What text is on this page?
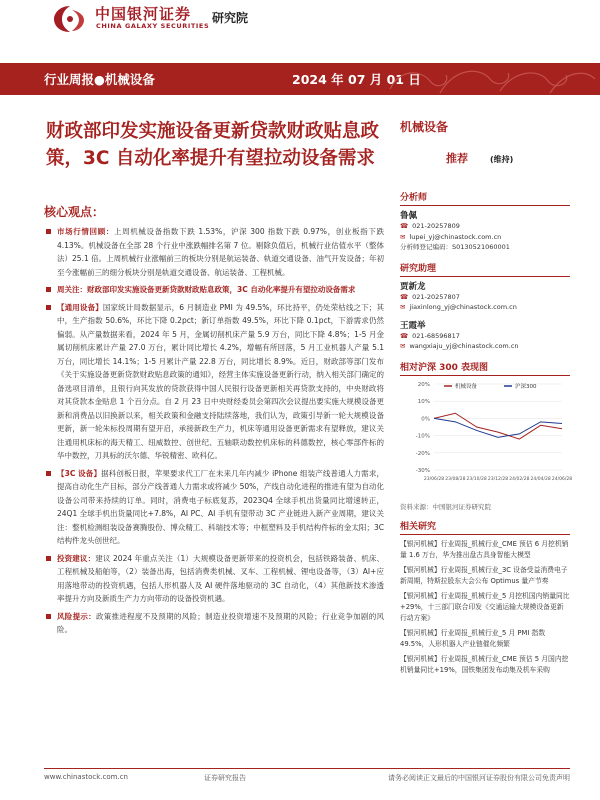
中国银河证券
CHINA GALAXY SECURITIES
研究院
行业周报●机械设备	2024 年 07 月 01 日
财政部印发实施设备更新贷款财政贴息政策，3C 自动化率提升有望拉动设备需求
核心观点：
市场行情回顾：上周机械设备指数下跌 1.53%，沪深 300 指数下跌 0.97%，创业板指下跌 4.13%。机械设备在全部 28 个行业中涨跌幅排名第 7 位。剔除负值后，机械行业估值水平（整体法）25.1 倍。上周机械行业涨幅前三的板块分别是航运装备、轨道交通设备、油气开发设备；年初至今涨幅前三的细分板块分别是轨道交通设备、航运装备、工程机械。
周关注：财政部印发实施设备更新贷款财政贴息政策，3C 自动化率提升有望拉动设备需求
【通用设备】国家统计局数据显示，6 月制造业 PMI 为 49.5%，环比持平，仍处荣枯线之下；其中，生产指数 50.6%，环比下降 0.2pct；新订单指数 49.5%，环比下降 0.1pct，下游需求仍然偏弱。从产量数据来看，2024 年 5 月，金属切削机床产量 5.9 万台，同比下降 4.8%；1-5 月金属切削机床累计产量 27.0 万台，累计同比增长 4.2%，增幅有所回落，5 月工业机器人产量 5.1 万台，同比增长 14.1%；1-5 月累计产量 22.8 万台，同比增长 8.9%。近日，财政部等部门发布《关于实施设备更新贷款财政贴息政策的通知》，经营主体实施设备更新行动，纳入相关部门确定的备选项目清单，且银行向其发放的贷款获得中国人民银行设备更新相关再贷款支持的，中央财政将对其贷款本金贴息 1 个百分点。自 2 月 23 日中央财经委员会第四次会议提出要实施大规模设备更新和消费品以旧换新以来，相关政策和金融支持陆续落地，我们认为，政策引导新一轮大规模设备更新，新一轮朱标投周期有望开启，承接新政生产力，机床等通用设备更新需求有望释放，建议关注通用机床标的海天精工、纽威数控、创世纪、五轴联动数控机床标的科德数控，核心零部件标的华中数控，刀具标的沃尔德、华锐精密、欧科亿。
【3C 设备】据科创板日报，苹果要求代工厂在未来几年内减少 iPhone 组装产线普通人力需求，提高自动化生产目标，部分产线普通人力需求或将减少 50%，产线自动化进程的推进有望为自动化设备公司带来持续的订单。同时，消费电子标底复苏，2023Q4 全球手机出货量同比增速转正，24Q1 全球手机出货量同比+7.8%，AI PC、AI 手机有望带动 3C 产业链进入新产业周期，建议关注：整机检测组装设备赛腾股份、博众精工、科瑞技术等；中框塑料及手机结构件标的金太阳；3C 结构件龙头创世纪。
投资建议：建议 2024 年重点关注（1）大规模设备更新带来的投资机会，包括铁路装备、机床、工程机械及船舶等，（2）装备出海，包括消费类机械、叉车、工程机械、锂电设备等，（3）AI+应用落地带动的投资机遇，包括人形机器人及 AI 硬件落地驱动的 3C 自动化，（4）其他新技术渗透率提升方向及新质生产力方向带动的设备投资机遇。
风险提示：政策推进程度不及预期的风险；制造业投资增速不及预期的风险；行业竞争加剧的风险。
机械设备
推荐	(维持)
分析师
鲁佩
☎ 021-20257809
✉ lupei_yj@chinastock.com.cn
分析师登记编码：S0130521060001
研究助理
贾新龙
☎ 021-20257807
✉ jiaxinlong_yj@chinastock.com.cn
王霞举
☎ 021-68596817
✉ wangxiaju_yj@chinastock.com.cn
相对沪深 300 表现图
20%
10%
0%
-10%
-20%
-30%
23/06/28 23/08/28 23/10/28 23/12/28 24/02/28 24/04/28 24/06/28
机械设备	沪深300
资料来源：中国银河证券研究院
相关研究
【银河机械】行业周报_机械行业_CME 预估 6 月挖机销量 1.6 万台，华为推出盘古具身智能大模型
【银河机械】行业周报_机械行业_3C 设备受益消费电子新周期，特斯拉股东大会公布 Optimus 量产节奏
【银河机械】行业周报_机械行业_5 月挖机国内销量同比+29%，十三部门联合印发《交通运输大规模设备更新行动方案》
【银河机械】行业周报_机械行业_5 月 PMI 指数 49.5%，人形机器人产业链催化频繁
【银河机械】行业周报_机械行业_CME 预估 5 月国内挖机销量同比+19%，国铁集团发布动集及机车采购
www.chinastock.com.cn	证券研究报告	请务必阅读正文最后的中国银河证券股份有限公司免责声明
